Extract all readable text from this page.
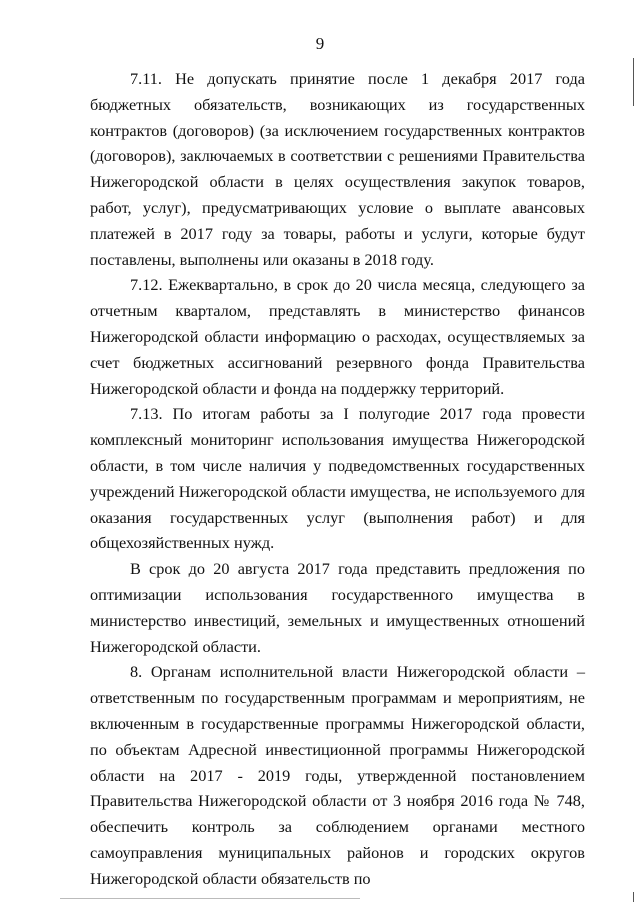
9

7.11. Не допускать принятие после 1 декабря 2017 года бюджетных обязательств, возникающих из государственных контрактов (договоров) (за исключением государственных контрактов (договоров), заключаемых в соответствии с решениями Правительства Нижегородской области в целях осуществления закупок товаров, работ, услуг), предусматривающих условие о выплате авансовых платежей в 2017 году за товары, работы и услуги, которые будут поставлены, выполнены или оказаны в 2018 году.

7.12. Ежеквартально, в срок до 20 числа месяца, следующего за отчетным кварталом, представлять в министерство финансов Нижегородской области информацию о расходах, осуществляемых за счет бюджетных ассигнований резервного фонда Правительства Нижегородской области и фонда на поддержку территорий.

7.13. По итогам работы за I полугодие 2017 года провести комплексный мониторинг использования имущества Нижегородской области, в том числе наличия у подведомственных государственных учреждений Нижегородской области имущества, не используемого для оказания государственных услуг (выполнения работ) и для общехозяйственных нужд.

В срок до 20 августа 2017 года представить предложения по оптимизации использования государственного имущества в министерство инвестиций, земельных и имущественных отношений Нижегородской области.

8. Органам исполнительной власти Нижегородской области – ответственным по государственным программам и мероприятиям, не включенным в государственные программы Нижегородской области, по объектам Адресной инвестиционной программы Нижегородской области на 2017 - 2019 годы, утвержденной постановлением Правительства Нижегородской области от 3 ноября 2016 года № 748, обеспечить контроль за соблюдением органами местного самоуправления муниципальных районов и городских округов Нижегородской области обязательств по
